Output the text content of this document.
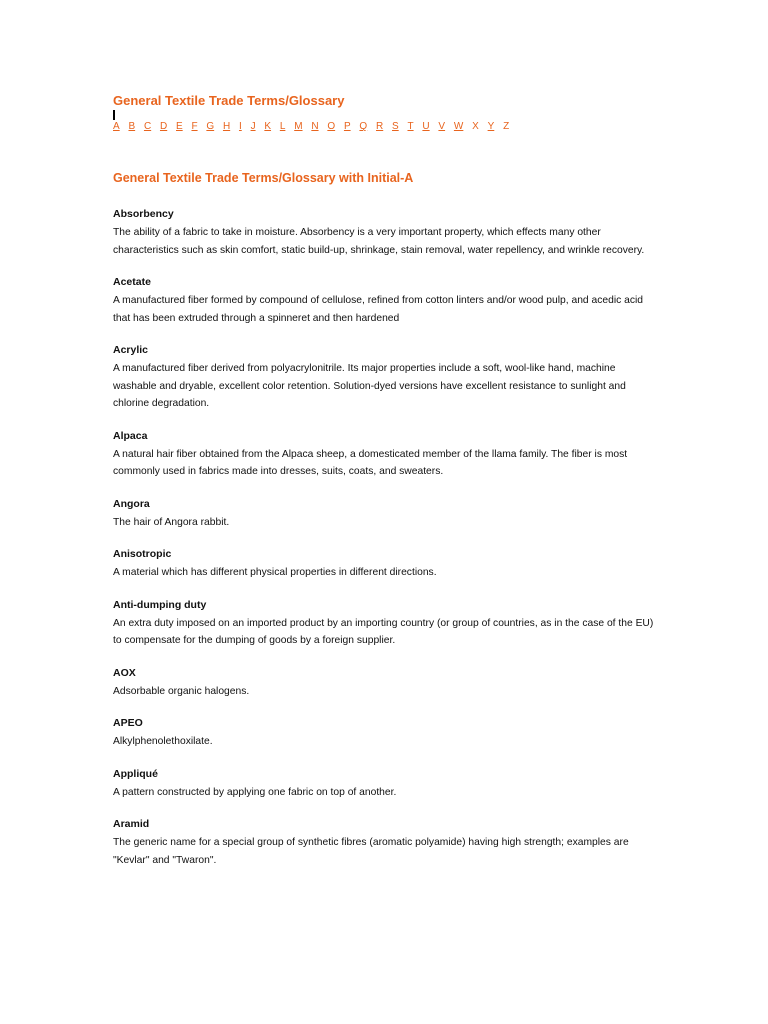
General Textile Trade Terms/Glossary
A B C D E F G H I J K L M N O P Q R S T U V W X Y Z
General Textile Trade Terms/Glossary with Initial-A
Absorbency

The ability of a fabric to take in moisture. Absorbency is a very important property, which effects many other characteristics such as skin comfort, static build-up, shrinkage, stain removal, water repellency, and wrinkle recovery.

Acetate

A manufactured fiber formed by compound of cellulose, refined from cotton linters and/or wood pulp, and acedic acid that has been extruded through a spinneret and then hardened

Acrylic

A manufactured fiber derived from polyacrylonitrile. Its major properties include a soft, wool-like hand, machine washable and dryable, excellent color retention. Solution-dyed versions have excellent resistance to sunlight and chlorine degradation.

Alpaca

A natural hair fiber obtained from the Alpaca sheep, a domesticated member of the llama family. The fiber is most commonly used in fabrics made into dresses, suits, coats, and sweaters.

Angora

The hair of Angora rabbit.

Anisotropic

A material which has different physical properties in different directions.

Anti-dumping duty

An extra duty imposed on an imported product by an importing country (or group of countries, as in the case of the EU) to compensate for the dumping of goods by a foreign supplier.

AOX

Adsorbable organic halogens.

APEO

Alkylphenolethoxilate.

Appliqué

A pattern constructed by applying one fabric on top of another.

Aramid

The generic name for a special group of synthetic fibres (aromatic polyamide) having high strength; examples are "Kevlar" and "Twaron".
